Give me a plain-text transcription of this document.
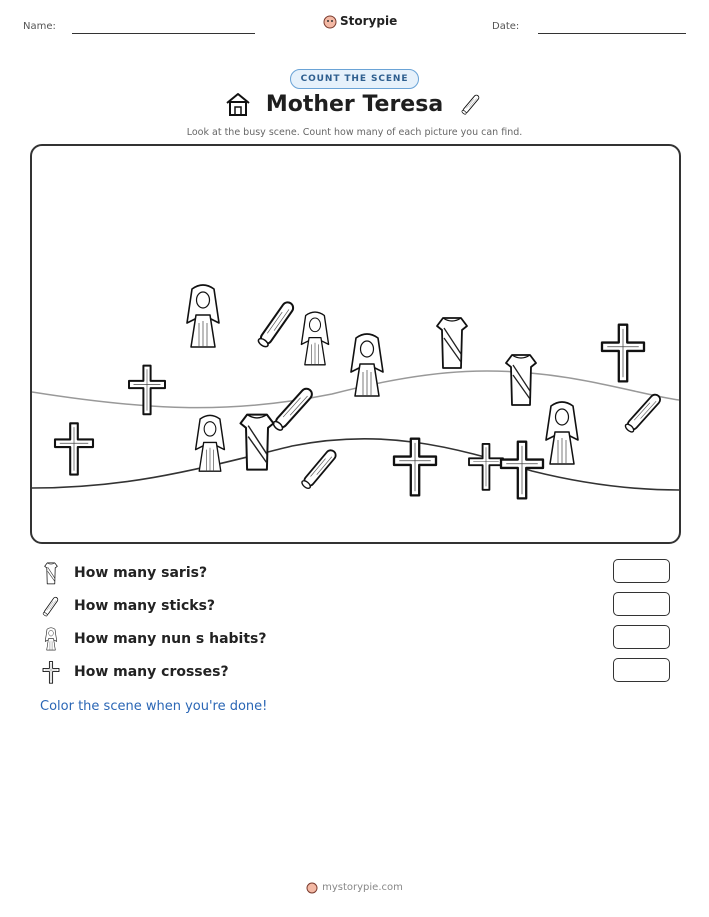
Name:	Storypie	Date:
COUNT THE SCENE
Mother Teresa
Look at the busy scene. Count how many of each picture you can find.
How many saris?
How many sticks?
How many nun s habits?
How many crosses?
Color the scene when you're done!
mystorypie.com
